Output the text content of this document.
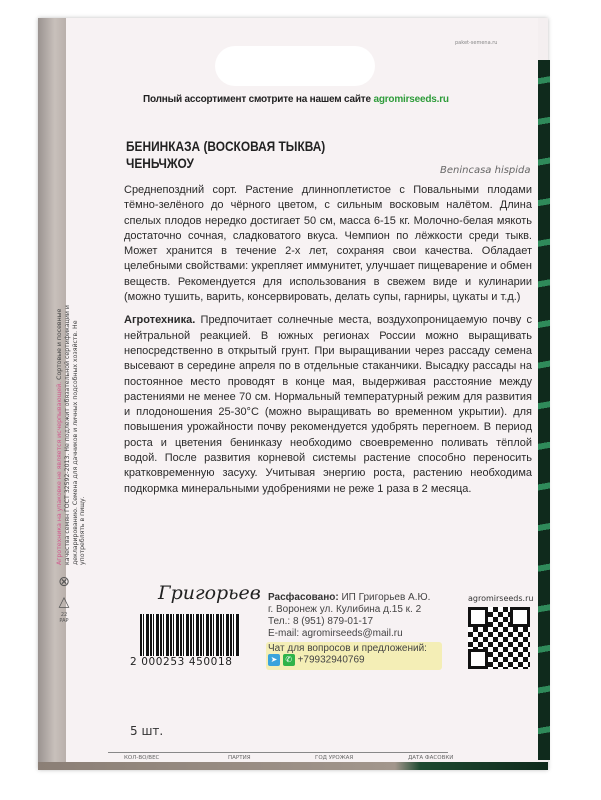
paket-semena.ru
Полный ассортимент смотрите на нашем сайте agromirseeds.ru
БЕНИНКАЗА (ВОСКОВАЯ ТЫКВА)
ЧЕНЬЧЖОУ	Benincasa hispida

Среднепоздний сорт. Растение длинноплетистое с Повальными плодами тёмно-зелёного до чёрного цветом, с сильным восковым налётом. Длина спелых плодов нередко достигает 50 см, масса 6-15 кг. Молочно-белая мякоть достаточно сочная, сладковатого вкуса. Чемпион по лёжкости среди тыкв. Может хранится в течение 2-х лет, сохраняя свои качества. Обладает целебными свойствами: укрепляет иммунитет, улучшает пищеварение и обмен веществ. Рекомендуется для использования в свежем виде и кулинарии (можно тушить, варить, консервировать, делать супы, гарниры, цукаты и т.д.)

Агротехника. Предпочитает солнечные места, воздухопроницаемую почву с нейтральной реакцией. В южных регионах России можно выращивать непосредственно в открытый грунт. При выращивании через рассаду семена высевают в середине апреля по в отдельные стаканчики. Высадку рассады на постоянное место проводят в конце мая, выдерживая расстояние между растениями не менее 70 см. Нормальный температурный режим для развития и плодоношения 25-30°C (можно выращивать во временном укрытии). для повышения урожайности почву рекомендуется удобрять перегноем. В период роста и цветения бенинказу необходимо своевременно поливать тёплой водой. После развития корневой системы растение способно переносить кратковременную засуху. Учитывая энергию роста, растению необходима подкормка минеральными удобрениями не реже 1 раза в 2 месяца.

Агротехника на упаковке не является исчерпывающей. Сортовые и посевные качества семян ГОСТ 32592-2013. Не подлежит обязательной сертификации и декларированию. Семена для дачников и личных подсобных хозяйств. Не употреблять в пищу.
⊗
△
22
PAP
Григорьев
2 000253 450018
Расфасовано: ИП Григорьев А.Ю.
г. Воронеж ул. Кулибина д.15 к. 2
Тел.: 8 (951) 879-01-17
E-mail: agromirseeds@mail.ru
Чат для вопросов и предложений:
➤ ✆ +79932940769
agromirseeds.ru
5 шт.
КОЛ-ВО/ВЕС	ПАРТИЯ	ГОД УРОЖАЯ	ДАТА ФАСОВКИ
